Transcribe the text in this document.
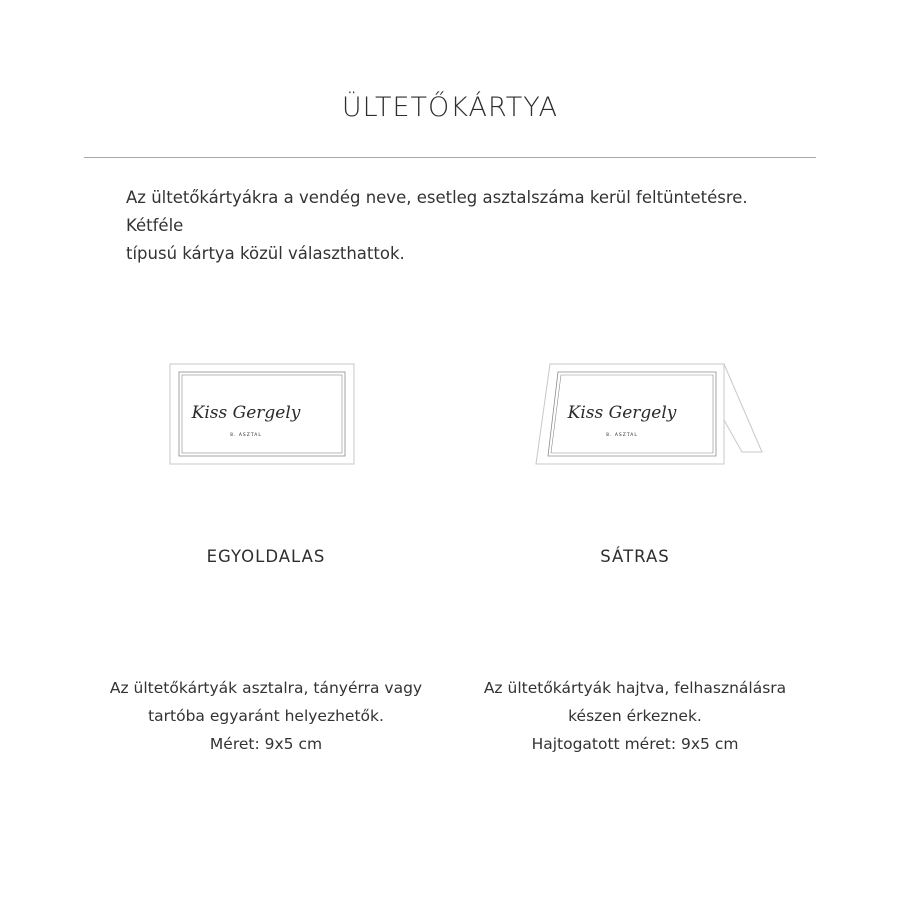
ÜLTETŐKÁRTYA
Az ültetőkártyákra a vendég neve, esetleg asztalszáma kerül feltüntetésre. Kétféle
típusú kártya közül választhattok.
Kiss Gergely
8. ASZTAL
Kiss Gergely
8. ASZTAL
EGYOLDALAS	SÁTRAS
Az ültetőkártyák asztalra, tányérra vagy
tartóba egyaránt helyezhetők.
Méret: 9x5 cm
Az ültetőkártyák hajtva, felhasználásra
készen érkeznek.
Hajtogatott méret: 9x5 cm
